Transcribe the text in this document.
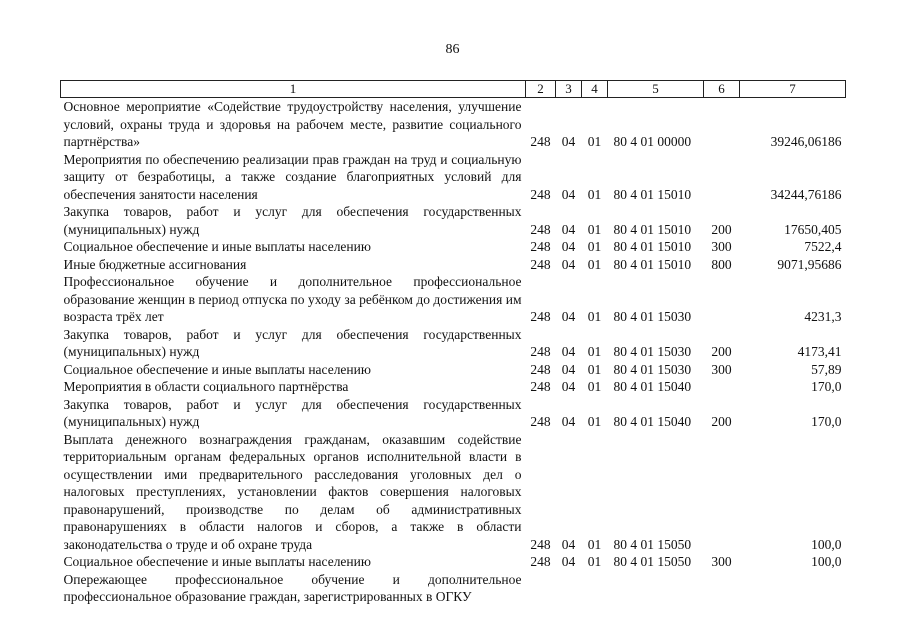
86
1	2	3	4	5	6	7
Основное мероприятие «Содействие трудоустройству населения, улучшение условий, охраны труда и здоровья на рабочем месте, развитие социального партнёрства»	248	04	01	80 4 01 00000		39246,06186
Мероприятия по обеспечению реализации прав граждан на труд и социальную защиту от безработицы, а также создание благоприятных условий для обеспечения занятости населения	248	04	01	80 4 01 15010		34244,76186
Закупка товаров, работ и услуг для обеспечения государственных (муниципальных) нужд	248	04	01	80 4 01 15010	200	17650,405
Социальное обеспечение и иные выплаты населению	248	04	01	80 4 01 15010	300	7522,4
Иные бюджетные ассигнования	248	04	01	80 4 01 15010	800	9071,95686
Профессиональное обучение и дополнительное профессиональное образование женщин в период отпуска по уходу за ребёнком до достижения им возраста трёх лет	248	04	01	80 4 01 15030		4231,3
Закупка товаров, работ и услуг для обеспечения государственных (муниципальных) нужд	248	04	01	80 4 01 15030	200	4173,41
Социальное обеспечение и иные выплаты населению	248	04	01	80 4 01 15030	300	57,89
Мероприятия в области социального партнёрства	248	04	01	80 4 01 15040		170,0
Закупка товаров, работ и услуг для обеспечения государственных (муниципальных) нужд	248	04	01	80 4 01 15040	200	170,0
Выплата денежного вознаграждения гражданам, оказавшим содействие территориальным органам федеральных органов исполнительной власти в осуществлении ими предварительного расследования уголовных дел о налоговых преступлениях, установлении фактов совершения налоговых правонарушений, производстве по делам об административных правонарушениях в области налогов и сборов, а также в области законодательства о труде и об охране труда	248	04	01	80 4 01 15050		100,0
Социальное обеспечение и иные выплаты населению	248	04	01	80 4 01 15050	300	100,0
Опережающее профессиональное обучение и дополнительное профессиональное образование граждан, зарегистрированных в ОГКУ						
